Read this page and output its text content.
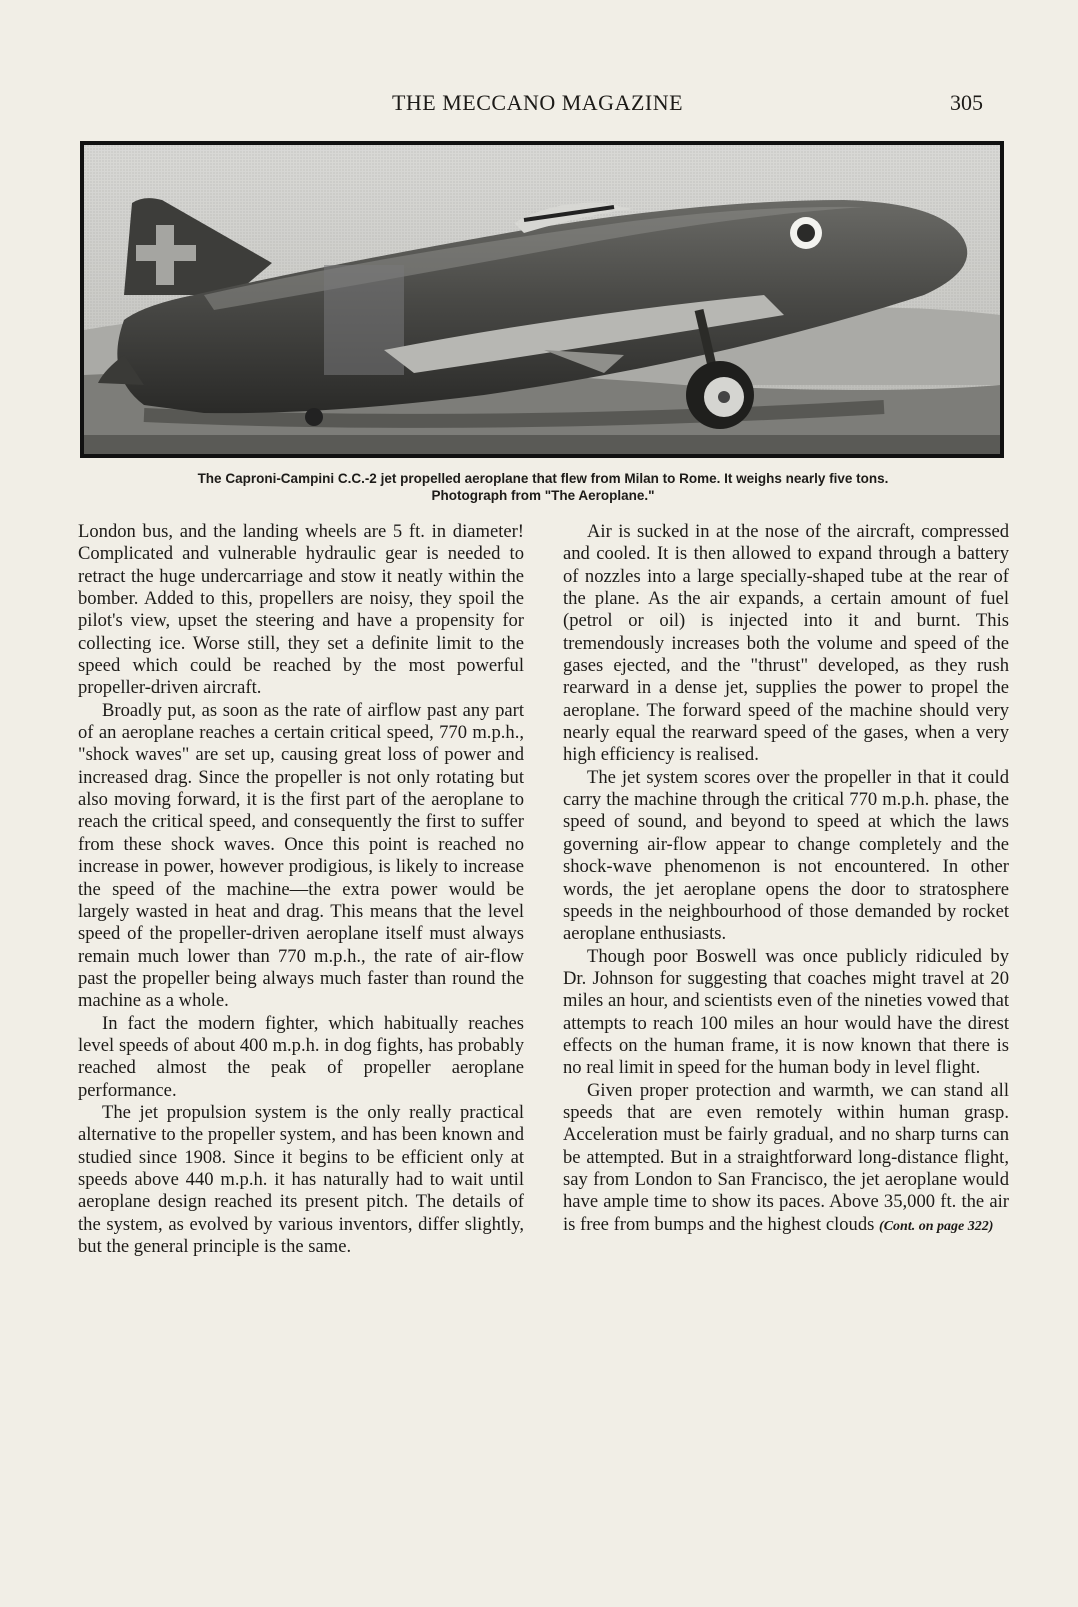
THE MECCANO MAGAZINE	305
The Caproni-Campini C.C.-2 jet propelled aeroplane that flew from Milan to Rome. It weighs nearly five tons.
Photograph from "The Aeroplane."

London bus, and the landing wheels are 5 ft. in diameter! Complicated and vulnerable hydraulic gear is needed to retract the huge undercarriage and stow it neatly within the bomber. Added to this, propellers are noisy, they spoil the pilot's view, upset the steering and have a propensity for collecting ice. Worse still, they set a definite limit to the speed which could be reached by the most powerful propeller-driven aircraft.

Broadly put, as soon as the rate of airflow past any part of an aeroplane reaches a certain critical speed, 770 m.p.h., "shock waves" are set up, causing great loss of power and increased drag. Since the propeller is not only rotating but also moving forward, it is the first part of the aeroplane to reach the critical speed, and consequently the first to suffer from these shock waves. Once this point is reached no increase in power, however prodigious, is likely to increase the speed of the machine—the extra power would be largely wasted in heat and drag. This means that the level speed of the propeller-driven aeroplane itself must always remain much lower than 770 m.p.h., the rate of air-flow past the propeller being always much faster than round the machine as a whole.

In fact the modern fighter, which habitually reaches level speeds of about 400 m.p.h. in dog fights, has probably reached almost the peak of propeller aeroplane performance.

The jet propulsion system is the only really practical alternative to the propeller system, and has been known and studied since 1908. Since it begins to be efficient only at speeds above 440 m.p.h. it has naturally had to wait until aeroplane design reached its present pitch. The details of the system, as evolved by various inventors, differ slightly, but the general principle is the same.

Air is sucked in at the nose of the aircraft, compressed and cooled. It is then allowed to expand through a battery of nozzles into a large specially-shaped tube at the rear of the plane. As the air expands, a certain amount of fuel (petrol or oil) is injected into it and burnt. This tremendously increases both the volume and speed of the gases ejected, and the "thrust" developed, as they rush rearward in a dense jet, supplies the power to propel the aeroplane. The forward speed of the machine should very nearly equal the rearward speed of the gases, when a very high efficiency is realised.

The jet system scores over the propeller in that it could carry the machine through the critical 770 m.p.h. phase, the speed of sound, and beyond to speed at which the laws governing air-flow appear to change completely and the shock-wave phenomenon is not encountered. In other words, the jet aeroplane opens the door to stratosphere speeds in the neighbourhood of those demanded by rocket aeroplane enthusiasts.

Though poor Boswell was once publicly ridiculed by Dr. Johnson for suggesting that coaches might travel at 20 miles an hour, and scientists even of the nineties vowed that attempts to reach 100 miles an hour would have the direst effects on the human frame, it is now known that there is no real limit in speed for the human body in level flight.

Given proper protection and warmth, we can stand all speeds that are even remotely within human grasp. Acceleration must be fairly gradual, and no sharp turns can be attempted. But in a straightforward long-distance flight, say from London to San Francisco, the jet aeroplane would have ample time to show its paces. Above 35,000 ft. the air is free from bumps and the highest clouds (Cont. on page 322)
